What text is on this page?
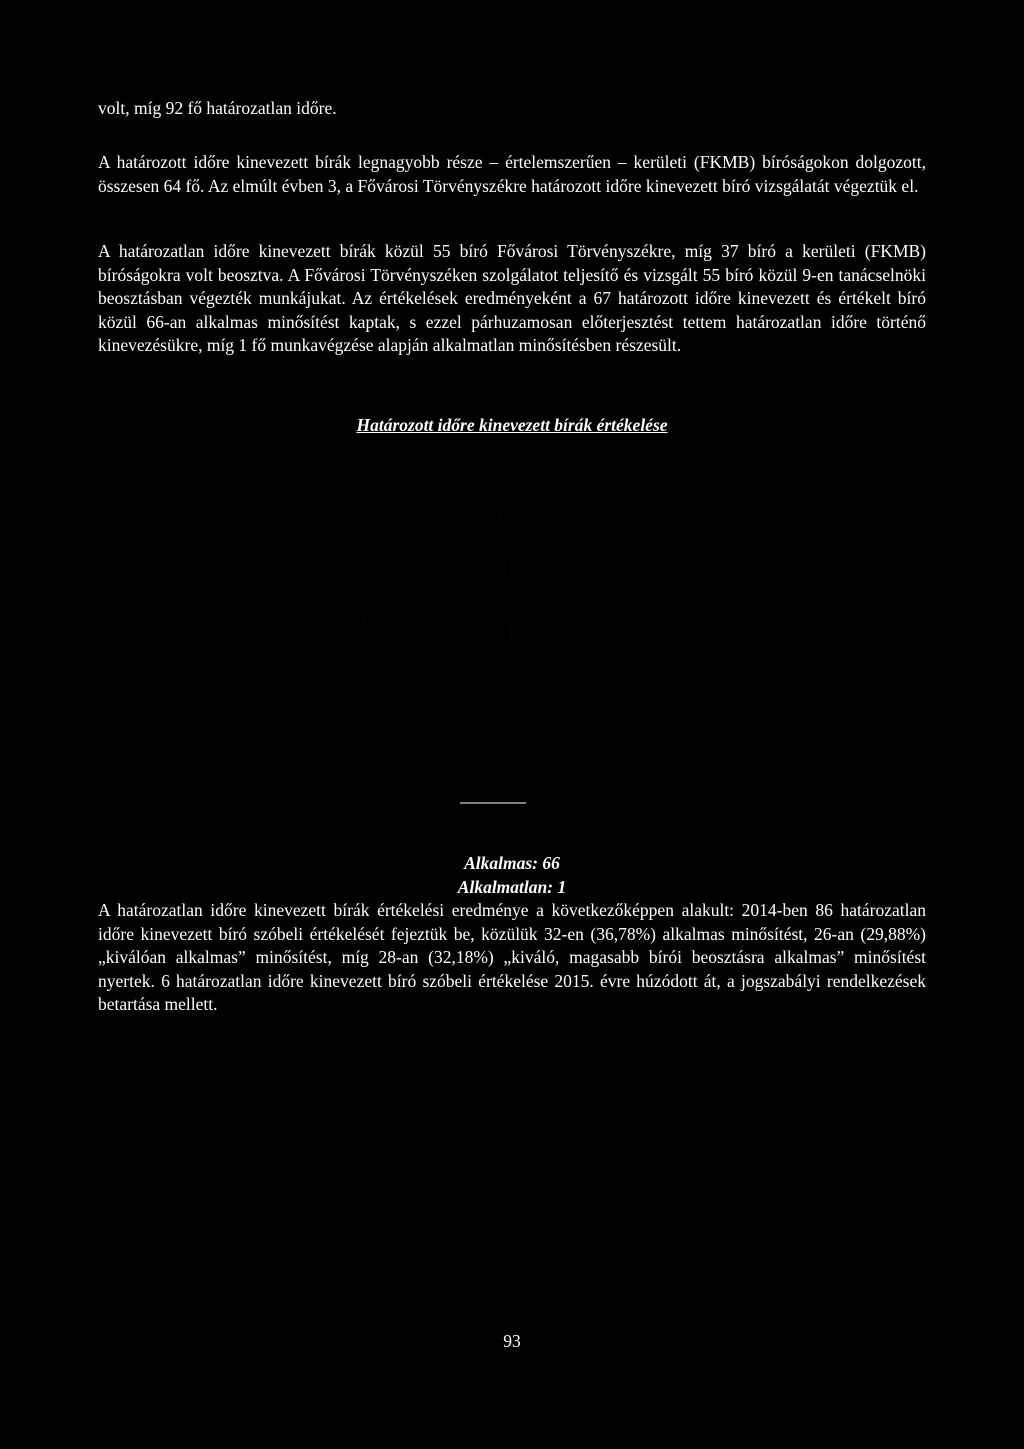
volt, míg 92 fő határozatlan időre.

A határozott időre kinevezett bírák legnagyobb része – értelemszerűen – kerületi (FKMB) bíróságokon dolgozott, összesen 64 fő. Az elmúlt évben 3, a Fővárosi Törvényszékre határozott időre kinevezett bíró vizsgálatát végeztük el.

A határozatlan időre kinevezett bírák közül 55 bíró Fővárosi Törvényszékre, míg 37 bíró a kerületi (FKMB) bíróságokra volt beosztva. A Fővárosi Törvényszéken szolgálatot teljesítő és vizsgált 55 bíró közül 9-en tanácselnöki beosztásban végezték munkájukat. Az értékelések eredményeként a 67 határozott időre kinevezett és értékelt bíró közül 66-an alkalmas minősítést kaptak, s ezzel párhuzamosan előterjesztést tettem határozatlan időre történő kinevezésükre, míg 1 fő munkavégzése alapján alkalmatlan minősítésben részesült.

Határozott időre kinevezett bírák értékelése
Alkalmas: 66
Alkalmatlan: 1

A határozatlan időre kinevezett bírák értékelési eredménye a következőképpen alakult: 2014-ben 86 határozatlan időre kinevezett bíró szóbeli értékelését fejeztük be, közülük 32-en (36,78%) alkalmas minősítést, 26-an (29,88%) „kiválóan alkalmas” minősítést, míg 28-an (32,18%) „kiváló, magasabb bírói beosztásra alkalmas” minősítést nyertek. 6 határozatlan időre kinevezett bíró szóbeli értékelése 2015. évre húzódott át, a jogszabályi rendelkezések betartása mellett.

93
